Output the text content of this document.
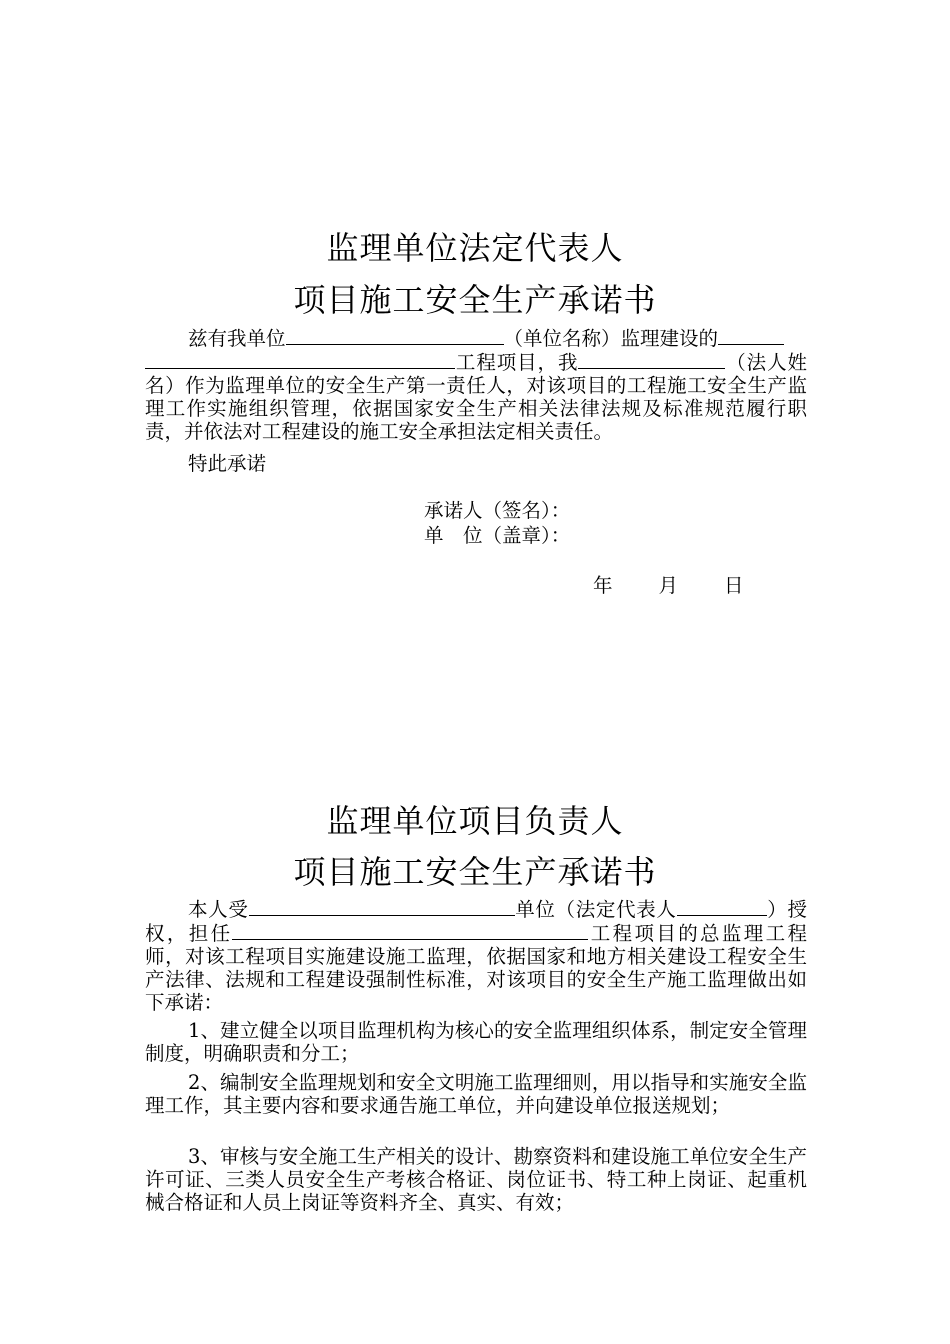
监理单位法定代表人
项目施工安全生产承诺书

兹有我单位	（单位名称）监理建设的
工程项目，我	（法人姓名）作为监理单位的安全生产第一责任人，对该项目的工程施工安全生产监理工作实施组织管理，依据国家安全生产相关法律法规及标准规范履行职责，并依法对工程建设的施工安全承担法定相关责任。

特此承诺

承诺人（签名）：

单　位（盖章）：

年 月 日
监理单位项目负责人
项目施工安全生产承诺书

本人受	单位（法定代表人	）授权，担任	工程项目的总监理工程师，对该工程项目实施建设施工监理，依据国家和地方相关建设工程安全生产法律、法规和工程建设强制性标准，对该项目的安全生产施工监理做出如下承诺：

1、建立健全以项目监理机构为核心的安全监理组织体系，制定安全管理制度，明确职责和分工；

2、编制安全监理规划和安全文明施工监理细则，用以指导和实施安全监理工作，其主要内容和要求通告施工单位，并向建设单位报送规划；

3、审核与安全施工生产相关的设计、勘察资料和建设施工单位安全生产许可证、三类人员安全生产考核合格证、岗位证书、特工种上岗证、起重机械合格证和人员上岗证等资料齐全、真实、有效；
